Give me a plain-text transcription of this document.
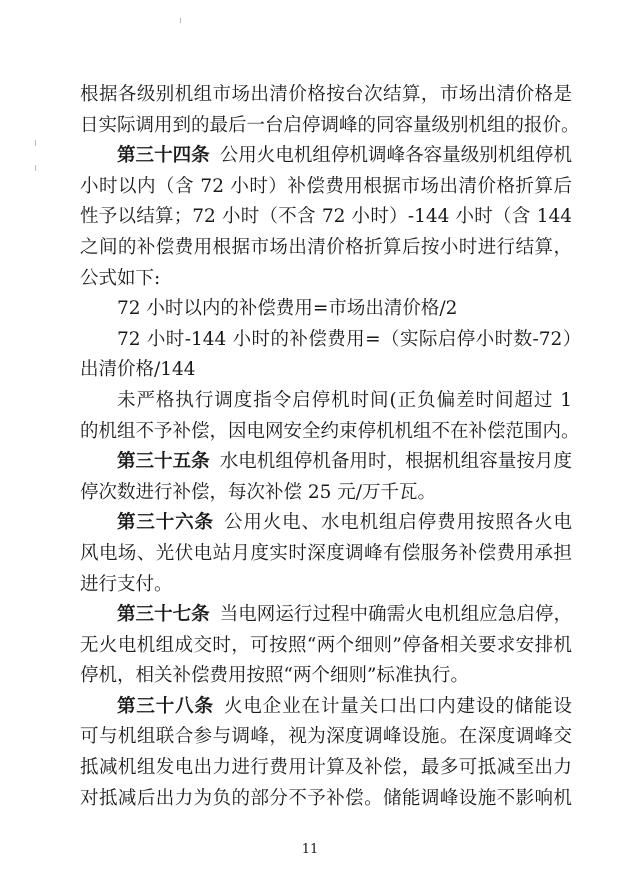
根据各级别机组市场出清价格按台次结算，市场出清价格是
日实际调用到的最后一台启停调峰的同容量级别机组的报价。
第三十四条 公用火电机组停机调峰各容量级别机组停机
小时以内（含 72 小时）补偿费用根据市场出清价格折算后
性予以结算；72 小时（不含 72 小时）-144 小时（含 144
之间的补偿费用根据市场出清价格折算后按小时进行结算，
公式如下:
72 小时以内的补偿费用=市场出清价格/2
72 小时-144 小时的补偿费用=（实际启停小时数-72）
出清价格/144
未严格执行调度指令启停机时间(正负偏差时间超过 1
的机组不予补偿，因电网安全约束停机机组不在补偿范围内。
第三十五条 水电机组停机备用时，根据机组容量按月度
停次数进行补偿，每次补偿 25 元/万千瓦。
第三十六条 公用火电、水电机组启停费用按照各火电
风电场、光伏电站月度实时深度调峰有偿服务补偿费用承担
进行支付。
第三十七条 当电网运行过程中确需火电机组应急启停，
无火电机组成交时，可按照“两个细则”停备相关要求安排机
停机，相关补偿费用按照“两个细则”标准执行。
第三十八条 火电企业在计量关口出口内建设的储能设
可与机组联合参与调峰，视为深度调峰设施。在深度调峰交
抵减机组发电出力进行费用计算及补偿，最多可抵减至出力
对抵减后出力为负的部分不予补偿。储能调峰设施不影响机
11
